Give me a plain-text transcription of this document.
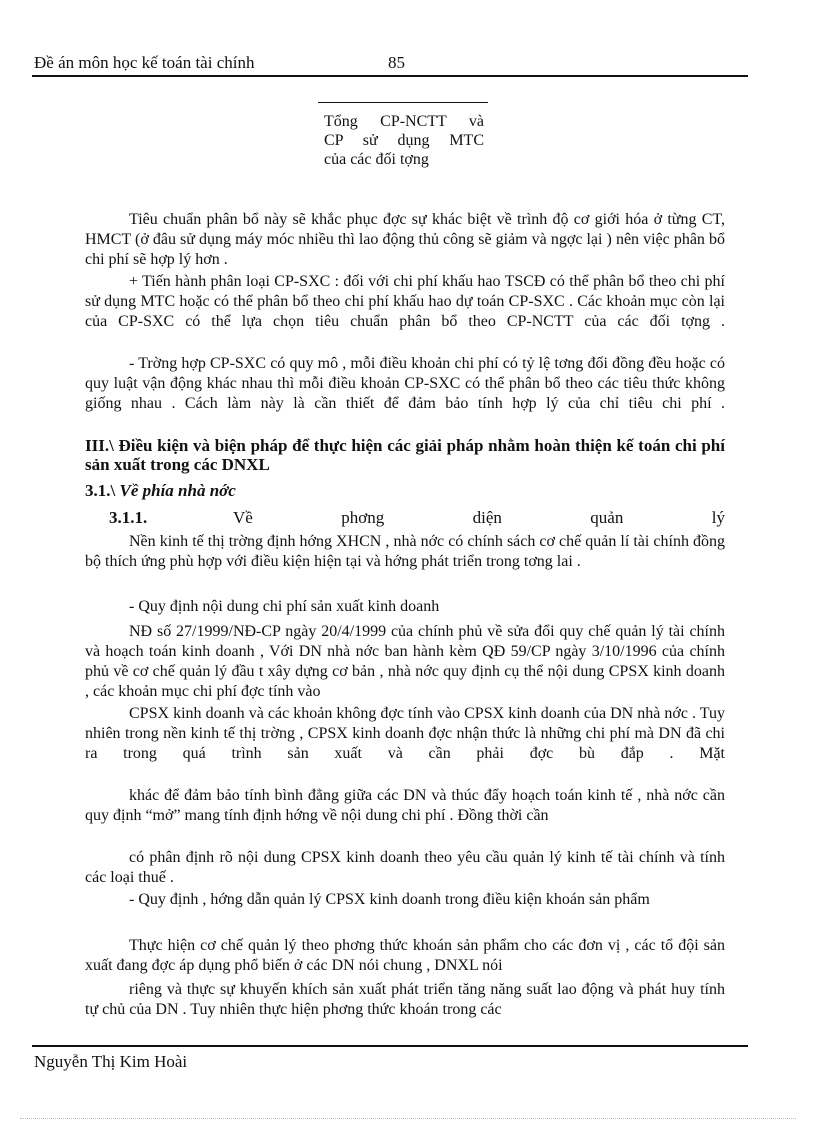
Đề án môn học kế toán tài chính	85
Tổng CP-NCTT và
CP sử dụng MTC
của các đối tợng
Tiêu chuẩn phân bổ này sẽ khắc phục đợc sự khác biệt về trình độ cơ giới hóa ở từng CT, HMCT (ở đâu sử dụng máy móc nhiều thì lao động thủ công sẽ giảm và ngợc lại ) nên việc phân bổ chi phí sẽ hợp lý hơn .
+ Tiến hành phân loại CP-SXC : đối với chi phí khấu hao TSCĐ có thể phân bổ theo chi phí sử dụng MTC hoặc có thể phân bổ theo chi phí khấu hao dự toán CP-SXC . Các khoản mục còn lại của CP-SXC có thể lựa chọn tiêu chuẩn phân bổ theo CP-NCTT của các đối tợng .
- Trờng hợp CP-SXC có quy mô , mỗi điều khoản chi phí có tỷ lệ tơng đối đồng đều hoặc có quy luật vận động khác nhau thì mỗi điều khoản CP-SXC có thể phân bổ theo các tiêu thức không giống nhau . Cách làm này là cần thiết để đảm bảo tính hợp lý của chỉ tiêu chi phí .
III.\ Điều kiện và biện pháp để thực hiện các giải pháp nhằm hoàn thiện kế toán chi phí sản xuất trong các DNXL
3.1.\ Về phía nhà nớc
3.1.1.	Về phơng diện quản lý
Nền kinh tế thị trờng định hớng XHCN , nhà nớc có chính sách cơ chế quản lí tài chính đồng bộ thích ứng phù hợp với điều kiện hiện tại và hớng phát triển trong tơng lai .
- Quy định nội dung chi phí sản xuất kinh doanh
NĐ số 27/1999/NĐ-CP ngày 20/4/1999 của chính phủ về sửa đổi quy chế quản lý tài chính và hoạch toán kinh doanh , Với DN nhà nớc ban hành kèm QĐ 59/CP ngày 3/10/1996 của chính phủ về cơ chế quản lý đầu t xây dựng cơ bản , nhà nớc quy định cụ thể nội dung CPSX kinh doanh , các khoản mục chi phí đợc tính vào
CPSX kinh doanh và các khoản không đợc tính vào CPSX kinh doanh của DN nhà nớc . Tuy nhiên trong nền kinh tế thị trờng , CPSX kinh doanh đợc nhận thức là những chi phí mà DN đã chi ra trong quá trình sản xuất và cần phải đợc bù đắp . Mặt
khác để đảm bảo tính bình đẳng giữa các DN và thúc đẩy hoạch toán kinh tế , nhà nớc cần quy định “mở” mang tính định hớng về nội dung chi phí . Đồng thời cần
có phân định rõ nội dung CPSX kinh doanh theo yêu cầu quản lý kinh tế tài chính và tính các loại thuế .
- Quy định , hớng dẫn quản lý CPSX kinh doanh trong điều kiện khoán sản phẩm
Thực hiện cơ chế quản lý theo phơng thức khoán sản phẩm cho các đơn vị , các tổ đội sản xuất đang đợc áp dụng phổ biến ở các DN nói chung , DNXL nói
riêng và thực sự khuyến khích sản xuất phát triển tăng năng suất lao động và phát huy tính tự chủ của DN . Tuy nhiên thực hiện phơng thức khoán trong các
Nguyễn Thị Kim Hoài
